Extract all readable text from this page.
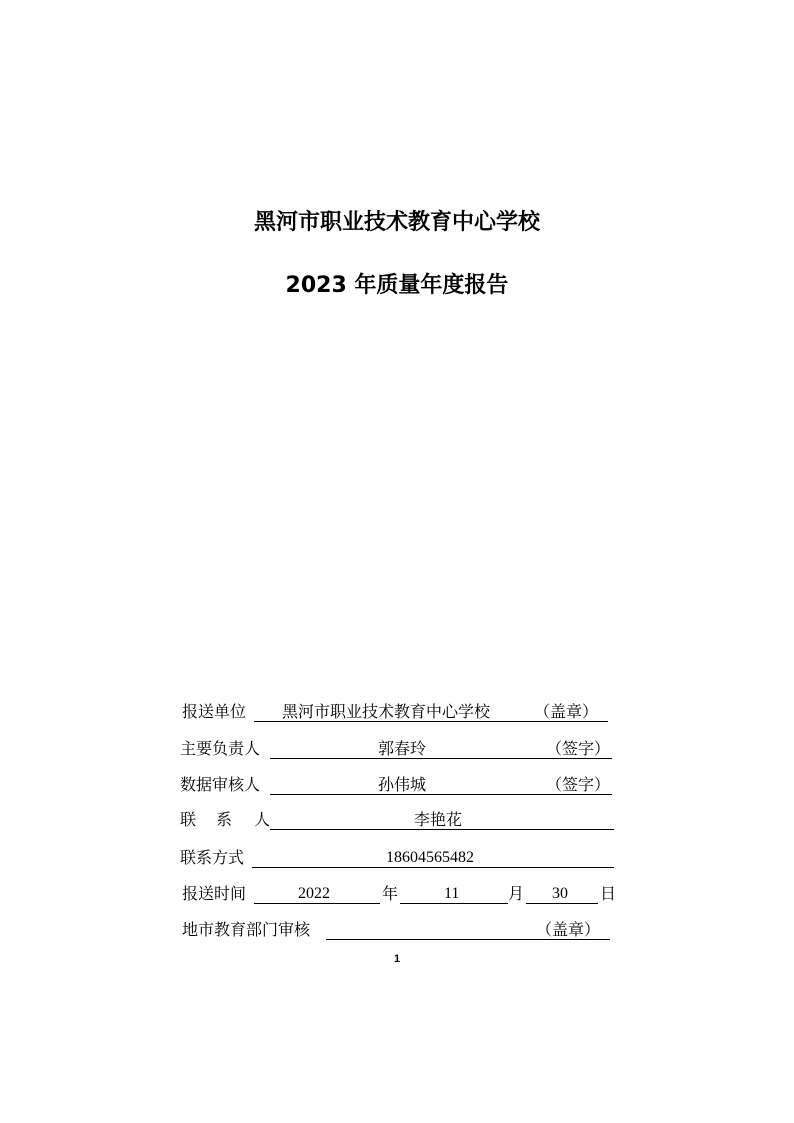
黑河市职业技术教育中心学校
2023 年质量年度报告
报送单位 黑河市职业技术教育中心学校	（盖章）
主要负责人	郭春玲	（签字）
数据审核人	孙伟城	（签字）
联 系 人	李艳花
联系方式	18604565482
报送时间	2022	年	11	月 30 日
地市教育部门审核	（盖章）
1
